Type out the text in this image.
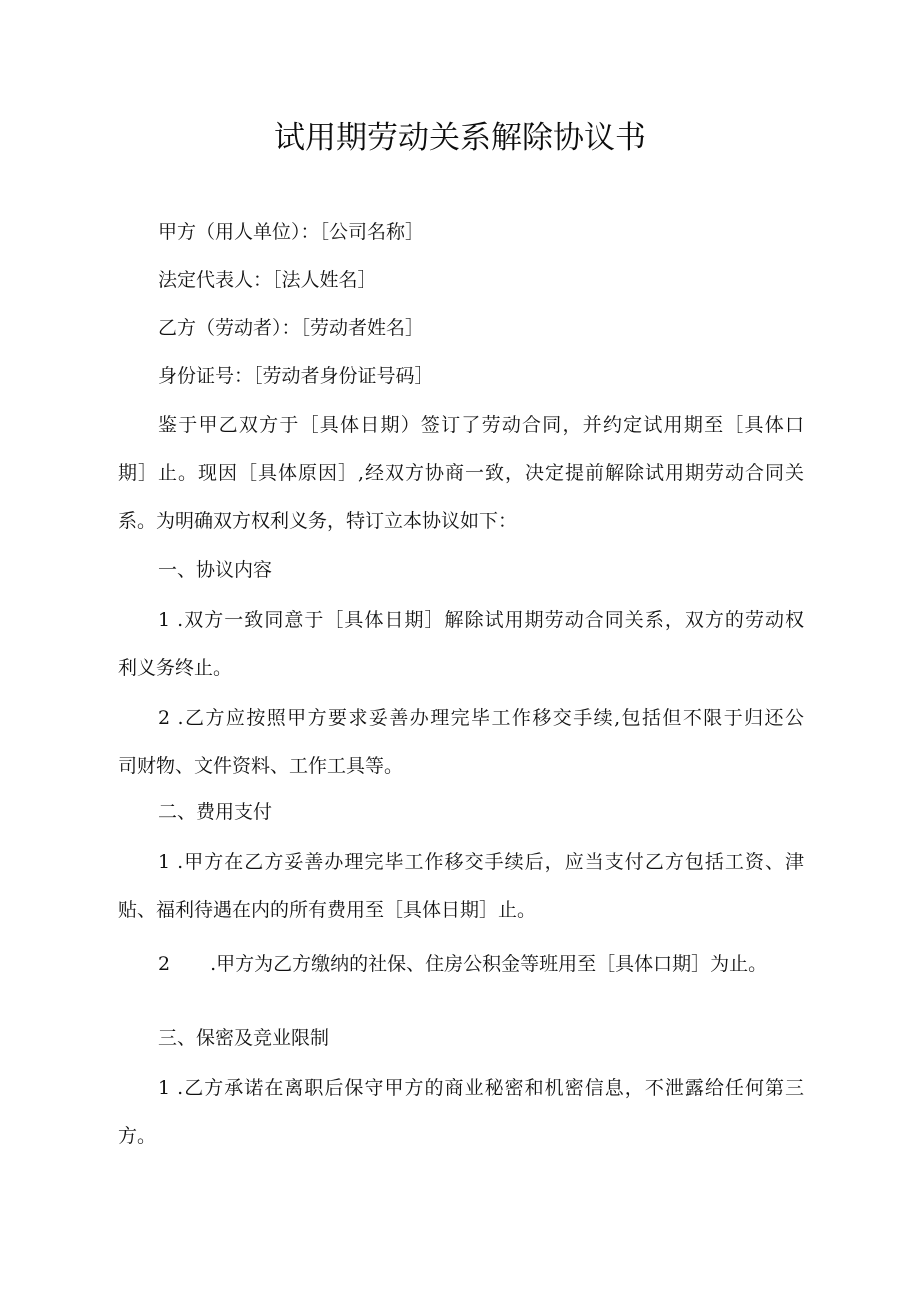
试用期劳动关系解除协议书
甲方（用人单位）：［公司名称］
法定代表人：［法人姓名］
乙方（劳动者）：［劳动者姓名］
身份证号：［劳动者身份证号码］
鉴于甲乙双方于［具体日期）签订了劳动合同，并约定试用期至［具体口
期］止。现因［具体原因］,经双方协商一致，决定提前解除试用期劳动合同关
系。为明确双方权利义务，特订立本协议如下：
一、协议内容
1 .双方一致同意于［具体日期］解除试用期劳动合同关系，双方的劳动权
利义务终止。
2 .乙方应按照甲方要求妥善办理完毕工作移交手续,包括但不限于归还公
司财物、文件资料、工作工具等。
二、费用支付
1 .甲方在乙方妥善办理完毕工作移交手续后，应当支付乙方包括工资、津
贴、福利待遇在内的所有费用至［具体日期］止。
2 .甲方为乙方缴纳的社保、住房公积金等班用至［具体口期］为止。
三、保密及竞业限制
1 .乙方承诺在离职后保守甲方的商业秘密和机密信息，不泄露给任何第三
方。
